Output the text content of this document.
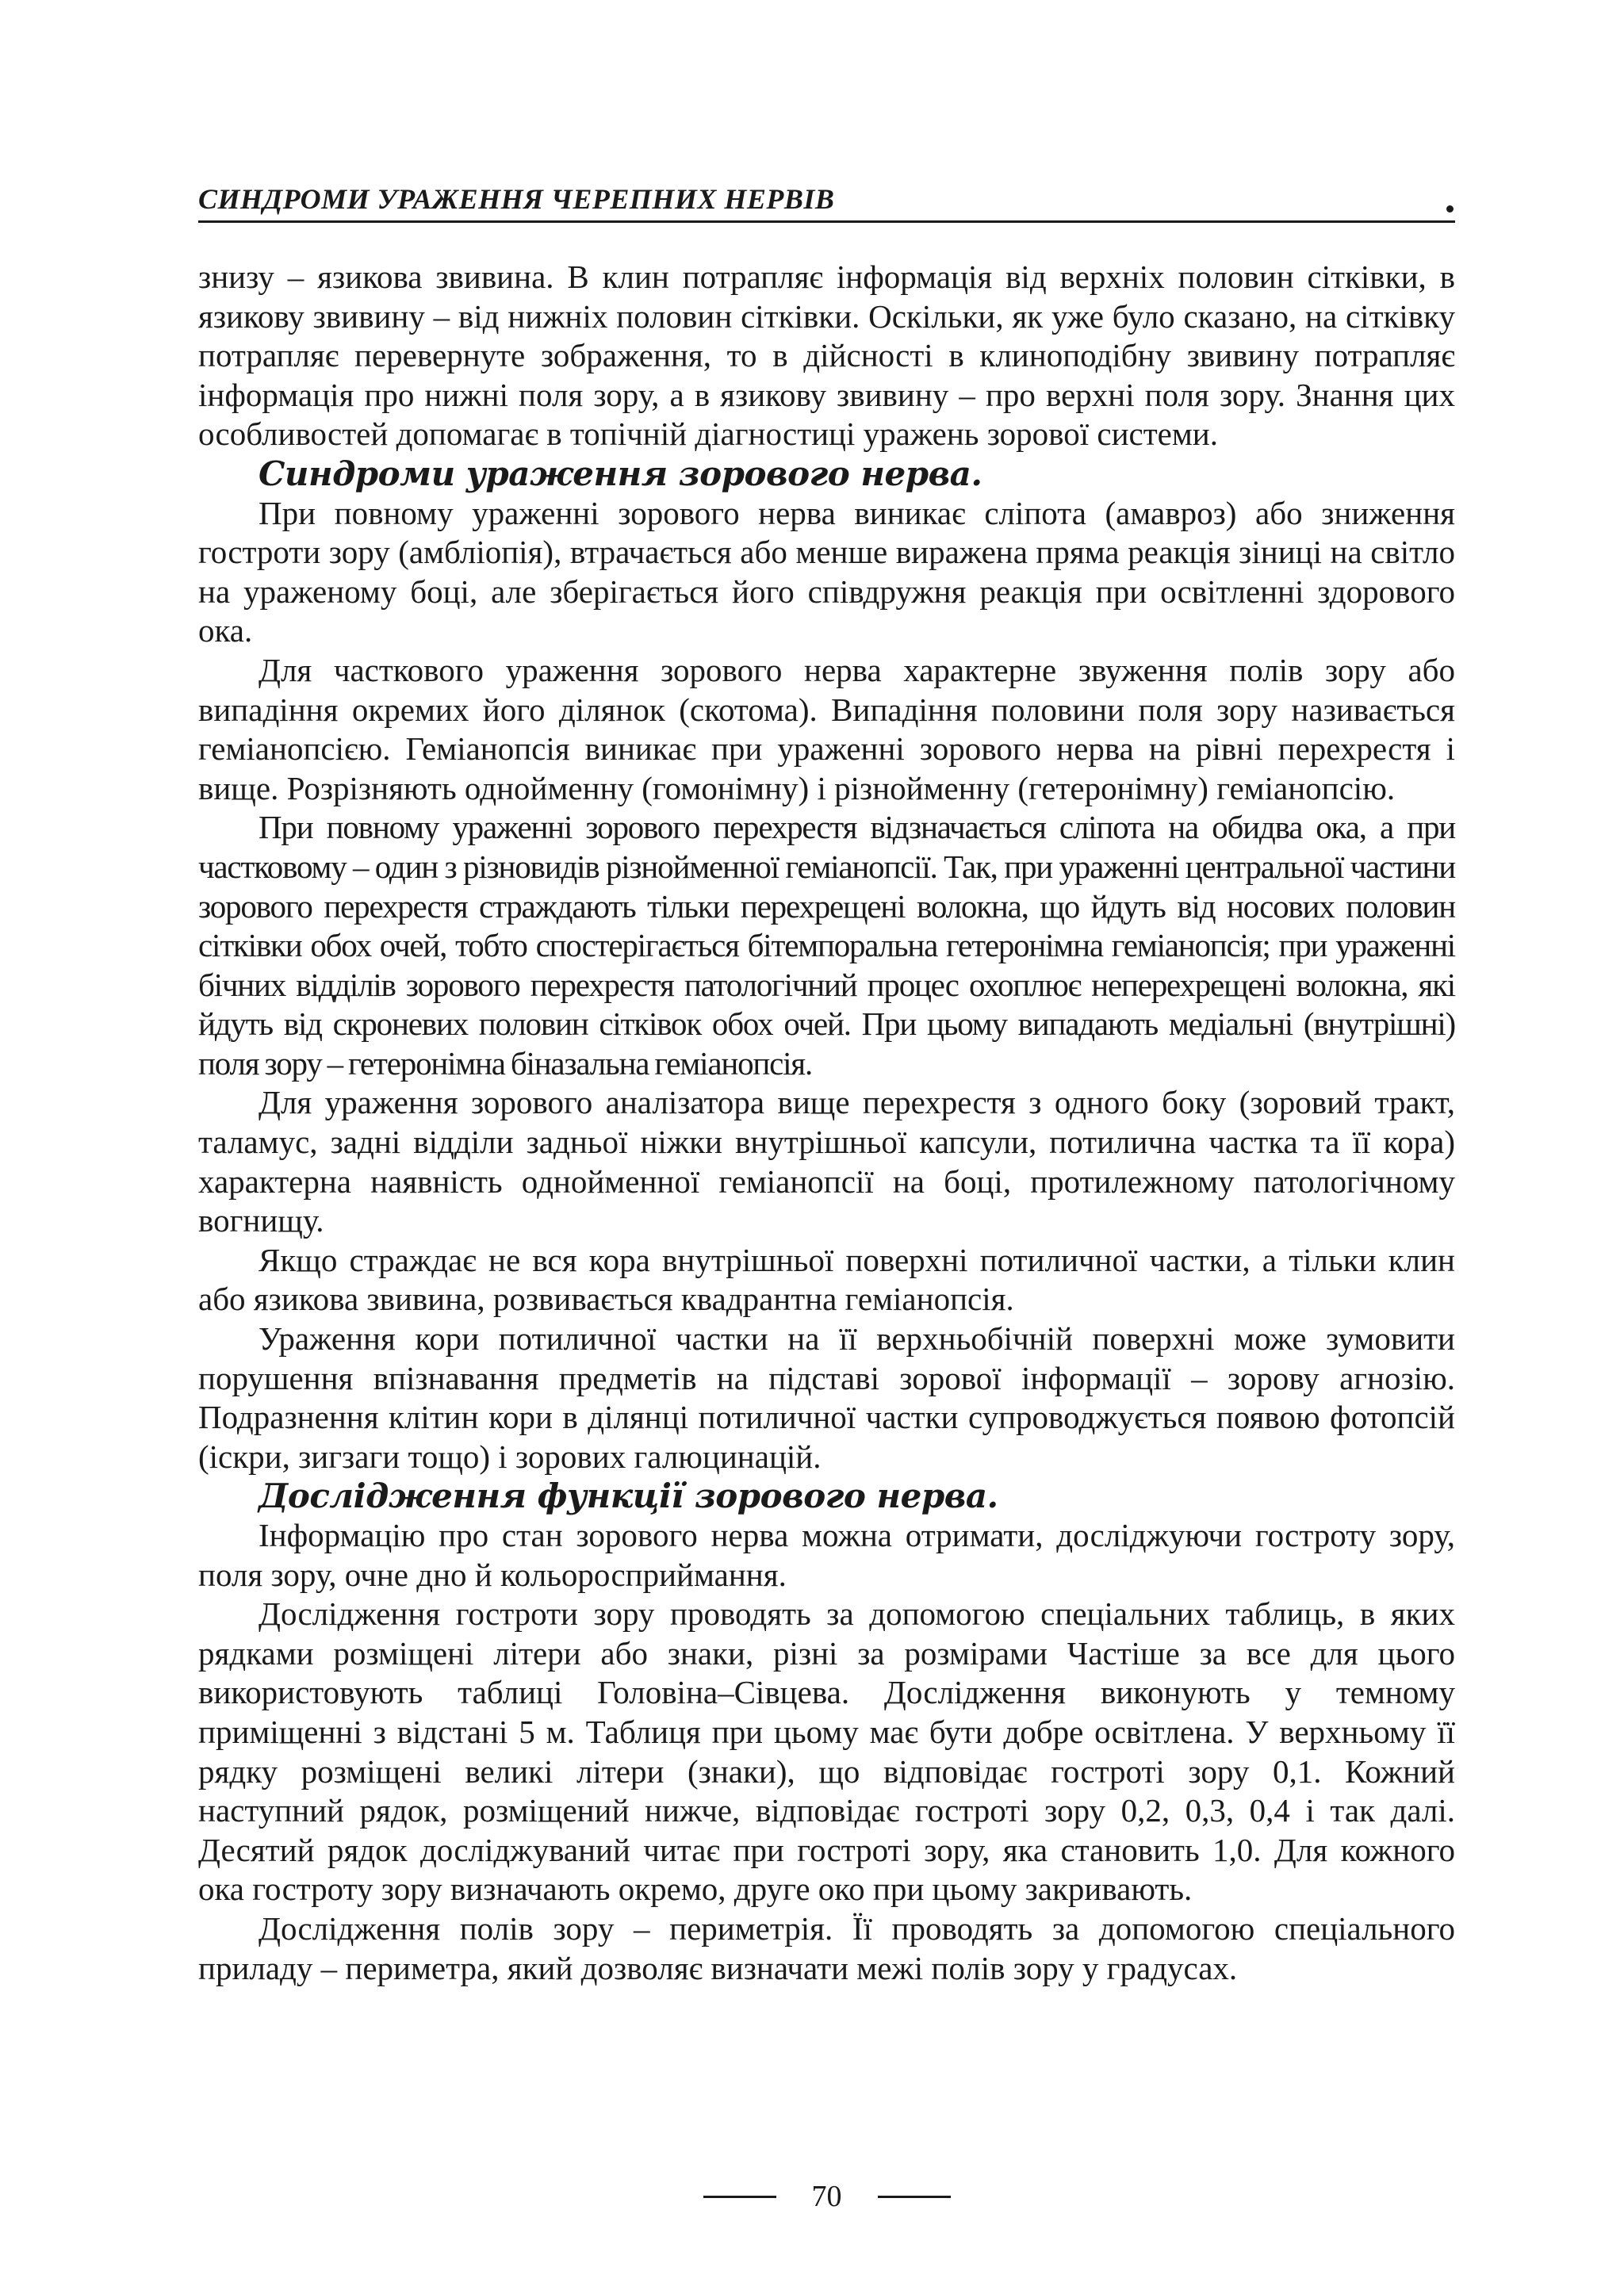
СИНДРОМИ УРАЖЕННЯ ЧЕРЕПНИХ НЕРВІВ

знизу – язикова звивина. В клин потрапляє інформація від верхніх половин сітківки, в язикову звивину – від нижніх половин сітківки. Оскільки, як уже було сказано, на сітківку потрапляє перевернуте зображення, то в дійсності в клиноподібну звивину потрапляє інформація про нижні поля зору, а в язикову звивину – про верхні поля зору. Знання цих особливостей допомагає в топічній діагностиці уражень зорової системи.

Синдроми ураження зорового нерва.

При повному ураженні зорового нерва виникає сліпота (амавроз) або зниження гостроти зору (амбліопія), втрачається або менше виражена пряма реакція зіниці на світло на ураженому боці, але зберігається його співдружня реакція при освітленні здорового ока.

Для часткового ураження зорового нерва характерне звуження полів зору або випадіння окремих його ділянок (скотома). Випадіння половини поля зору називається геміанопсією. Геміанопсія виникає при ураженні зорового нерва на рівні перехрестя і вище. Розрізняють однойменну (гомонімну) і різнойменну (гетеронімну) геміанопсію.

При повному ураженні зорового перехрестя відзначається сліпота на обидва ока, а при частковому – один з різновидів різнойменної геміанопсії. Так, при ураженні центральної частини зорового перехрестя страждають тільки перехрещені волокна, що йдуть від носових половин сітківки обох очей, тобто спостерігається бітемпоральна гетеронімна геміанопсія; при ураженні бічних відділів зорового перехрестя патологічний процес охоплює неперехрещені волокна, які йдуть від скроневих половин сітківок обох очей. При цьому випадають медіальні (внутрішні) поля зору – гетеронімна біназальна геміанопсія.

Для ураження зорового аналізатора вище перехрестя з одного боку (зоровий тракт, таламус, задні відділи задньої ніжки внутрішньої капсули, потилична частка та її кора) характерна наявність однойменної геміанопсії на боці, протилежному патологічному вогнищу.

Якщо страждає не вся кора внутрішньої поверхні потиличної частки, а тільки клин або язикова звивина, розвивається квадрантна геміанопсія.

Ураження кори потиличної частки на її верхньобічній поверхні може зумовити порушення впізнавання предметів на підставі зорової інформації – зорову агнозію. Подразнення клітин кори в ділянці потиличної частки супроводжується появою фотопсій (іскри, зигзаги тощо) і зорових галюцинацій.

Дослідження функції зорового нерва.

Інформацію про стан зорового нерва можна отримати, досліджуючи гостроту зору, поля зору, очне дно й кольоросприймання.

Дослідження гостроти зору проводять за допомогою спеціальних таблиць, в яких рядками розміщені літери або знаки, різні за розмірами Частіше за все для цього використовують таблиці Головіна–Сівцева. Дослідження виконують у темному приміщенні з відстані 5 м. Таблиця при цьому має бути добре освітлена. У верхньому її рядку розміщені великі літери (знаки), що відповідає гостроті зору 0,1. Кожний наступний рядок, розміщений нижче, відповідає гостроті зору 0,2, 0,3, 0,4 і так далі. Десятий рядок досліджуваний читає при гостроті зору, яка становить 1,0. Для кожного ока гостроту зору визначають окремо, друге око при цьому закривають.

Дослідження полів зору – периметрія. Її проводять за допомогою спеціального приладу – периметра, який дозволяє визначати межі полів зору у градусах.

70
